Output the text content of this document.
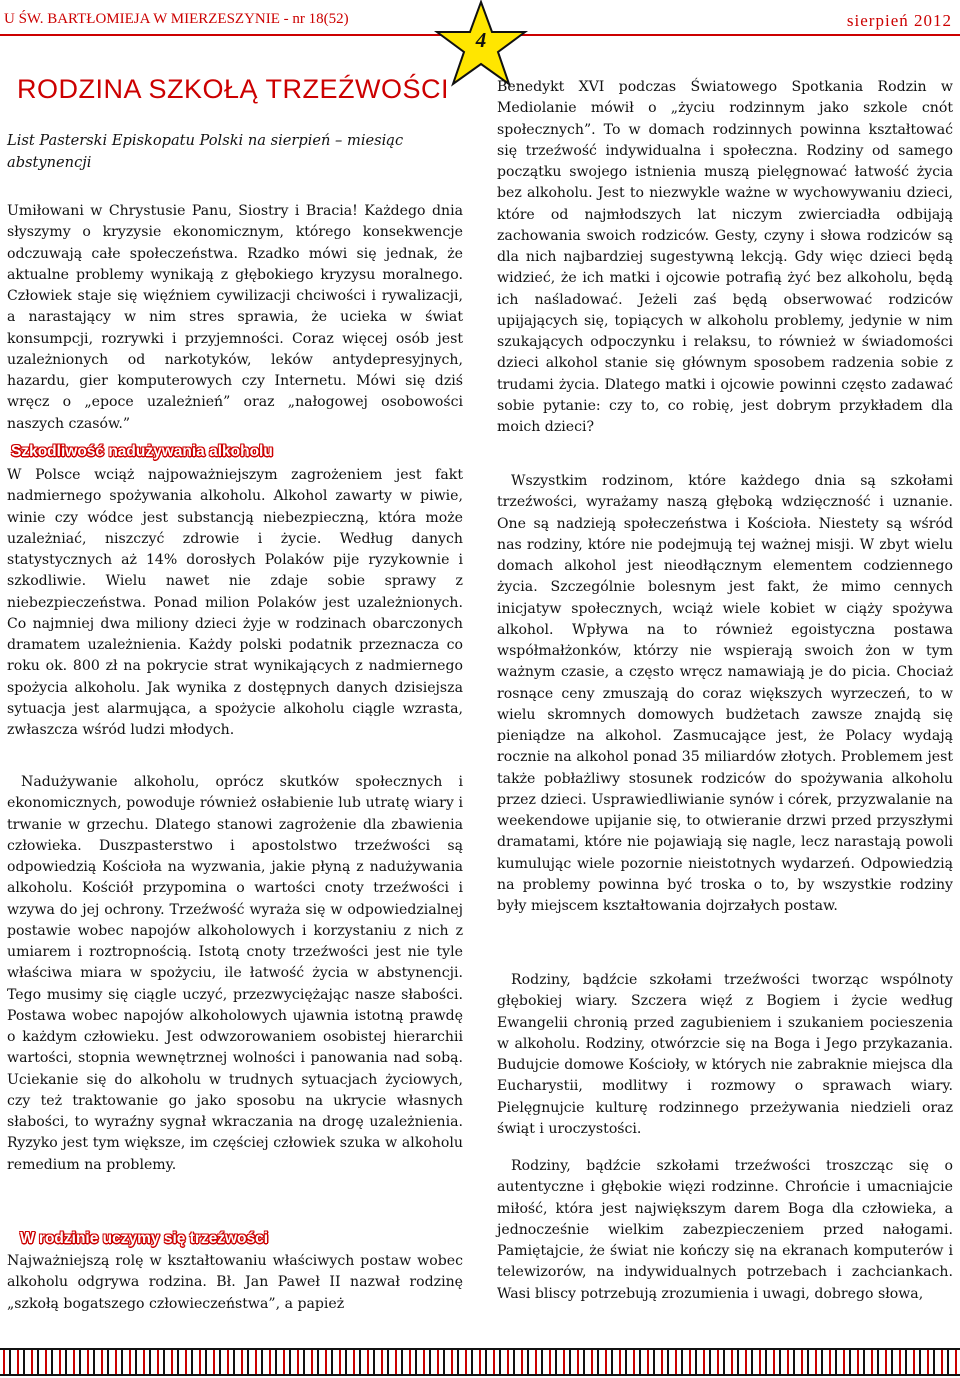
U ŚW. BARTŁOMIEJA W MIERZESZYNIE - nr 18(52)	sierpień 2012
4
RODZINA SZKOŁĄ TRZEŹWOŚCI
List Pasterski Episkopatu Polski na sierpień – miesiąc abstynencji

Umiłowani w Chrystusie Panu, Siostry i Bracia! Każdego dnia słyszymy o kryzysie ekonomicznym, którego konsekwencje odczuwają całe społeczeństwa. Rzadko mówi się jednak, że aktualne problemy wynikają z głębokiego kryzysu moralnego. Człowiek staje się więźniem cywilizacji chciwości i rywalizacji, a narastający w nim stres sprawia, że ucieka w świat konsumpcji, rozrywki i przyjemności. Coraz więcej osób jest uzależnionych od narkotyków, leków antydepresyjnych, hazardu, gier komputerowych czy Internetu. Mówi się dziś wręcz o „epoce uzależnień” oraz „nałogowej osobowości naszych czasów.”

Szkodliwość nadużywania alkoholu

W Polsce wciąż najpoważniejszym zagrożeniem jest fakt nadmiernego spożywania alkoholu. Alkohol zawarty w piwie, winie czy wódce jest substancją niebezpieczną, która może uzależniać, niszczyć zdrowie i życie. Według danych statystycznych aż 14% dorosłych Polaków pije ryzykownie i szkodliwie. Wielu nawet nie zdaje sobie sprawy z niebezpieczeństwa. Ponad milion Polaków jest uzależnionych. Co najmniej dwa miliony dzieci żyje w rodzinach obarczonych dramatem uzależnienia. Każdy polski podatnik przeznacza co roku ok. 800 zł na pokrycie strat wynikających z nadmiernego spożycia alkoholu. Jak wynika z dostępnych danych dzisiejsza sytuacja jest alarmująca, a spożycie alkoholu ciągle wzrasta, zwłaszcza wśród ludzi młodych.

Nadużywanie alkoholu, oprócz skutków społecznych i ekonomicznych, powoduje również osłabienie lub utratę wiary i trwanie w grzechu. Dlatego stanowi zagrożenie dla zbawienia człowieka. Duszpasterstwo i apostolstwo trzeźwości są odpowiedzią Kościoła na wyzwania, jakie płyną z nadużywania alkoholu. Kościół przypomina o wartości cnoty trzeźwości i wzywa do jej ochrony. Trzeźwość wyraża się w odpowiedzialnej postawie wobec napojów alkoholowych i korzystaniu z nich z umiarem i roztropnością. Istotą cnoty trzeźwości jest nie tyle właściwa miara w spożyciu, ile łatwość życia w abstynencji. Tego musimy się ciągle uczyć, przezwyciężając nasze słabości. Postawa wobec napojów alkoholowych ujawnia istotną prawdę o każdym człowieku. Jest odwzorowaniem osobistej hierarchii wartości, stopnia wewnętrznej wolności i panowania nad sobą. Uciekanie się do alkoholu w trudnych sytuacjach życiowych, czy też traktowanie go jako sposobu na ukrycie własnych słabości, to wyraźny sygnał wkraczania na drogę uzależnienia. Ryzyko jest tym większe, im częściej człowiek szuka w alkoholu remedium na problemy.

W rodzinie uczymy się trzeźwości

Najważniejszą rolę w kształtowaniu właściwych postaw wobec alkoholu odgrywa rodzina. Bł. Jan Paweł II nazwał rodzinę „szkołą bogatszego człowieczeństwa”, a papież

Benedykt XVI podczas Światowego Spotkania Rodzin w Mediolanie mówił o „życiu rodzinnym jako szkole cnót społecznych”. To w domach rodzinnych powinna kształtować się trzeźwość indywidualna i społeczna. Rodziny od samego początku swojego istnienia muszą pielęgnować łatwość życia bez alkoholu. Jest to niezwykle ważne w wychowywaniu dzieci, które od najmłodszych lat niczym zwierciadła odbijają zachowania swoich rodziców. Gesty, czyny i słowa rodziców są dla nich najbardziej sugestywną lekcją. Gdy więc dzieci będą widzieć, że ich matki i ojcowie potrafią żyć bez alkoholu, będą ich naśladować. Jeżeli zaś będą obserwować rodziców upijających się, topiących w alkoholu problemy, jedynie w nim szukających odpoczynku i relaksu, to również w świadomości dzieci alkohol stanie się głównym sposobem radzenia sobie z trudami życia. Dlatego matki i ojcowie powinni często zadawać sobie pytanie: czy to, co robię, jest dobrym przykładem dla moich dzieci?

Wszystkim rodzinom, które każdego dnia są szkołami trzeźwości, wyrażamy naszą głęboką wdzięczność i uznanie. One są nadzieją społeczeństwa i Kościoła. Niestety są wśród nas rodziny, które nie podejmują tej ważnej misji. W zbyt wielu domach alkohol jest nieodłącznym elementem codziennego życia. Szczególnie bolesnym jest fakt, że mimo cennych inicjatyw społecznych, wciąż wiele kobiet w ciąży spożywa alkohol. Wpływa na to również egoistyczna postawa współmałżonków, którzy nie wspierają swoich żon w tym ważnym czasie, a często wręcz namawiają je do picia. Chociaż rosnące ceny zmuszają do coraz większych wyrzeczeń, to w wielu skromnych domowych budżetach zawsze znajdą się pieniądze na alkohol. Zasmucające jest, że Polacy wydają rocznie na alkohol ponad 35 miliardów złotych. Problemem jest także pobłażliwy stosunek rodziców do spożywania alkoholu przez dzieci. Usprawiedliwianie synów i córek, przyzwalanie na weekendowe upijanie się, to otwieranie drzwi przed przyszłymi dramatami, które nie pojawiają się nagle, lecz narastają powoli kumulując wiele pozornie nieistotnych wydarzeń. Odpowiedzią na problemy powinna być troska o to, by wszystkie rodziny były miejscem kształtowania dojrzałych postaw.

Rodziny, bądźcie szkołami trzeźwości tworząc wspólnoty głębokiej wiary. Szczera więź z Bogiem i życie według Ewangelii chronią przed zagubieniem i szukaniem pocieszenia w alkoholu. Rodziny, otwórzcie się na Boga i Jego przykazania. Budujcie domowe Kościoły, w których nie zabraknie miejsca dla Eucharystii, modlitwy i rozmowy o sprawach wiary. Pielęgnujcie kulturę rodzinnego przeżywania niedzieli oraz świąt i uroczystości.

Rodziny, bądźcie szkołami trzeźwości troszcząc się o autentyczne i głębokie więzi rodzinne. Chrońcie i umacniajcie miłość, która jest największym darem Boga dla człowieka, a jednocześnie wielkim zabezpieczeniem przed nałogami. Pamiętajcie, że świat nie kończy się na ekranach komputerów i telewizorów, na indywidualnych potrzebach i zachciankach. Wasi bliscy potrzebują zrozumienia i uwagi, dobrego słowa,
